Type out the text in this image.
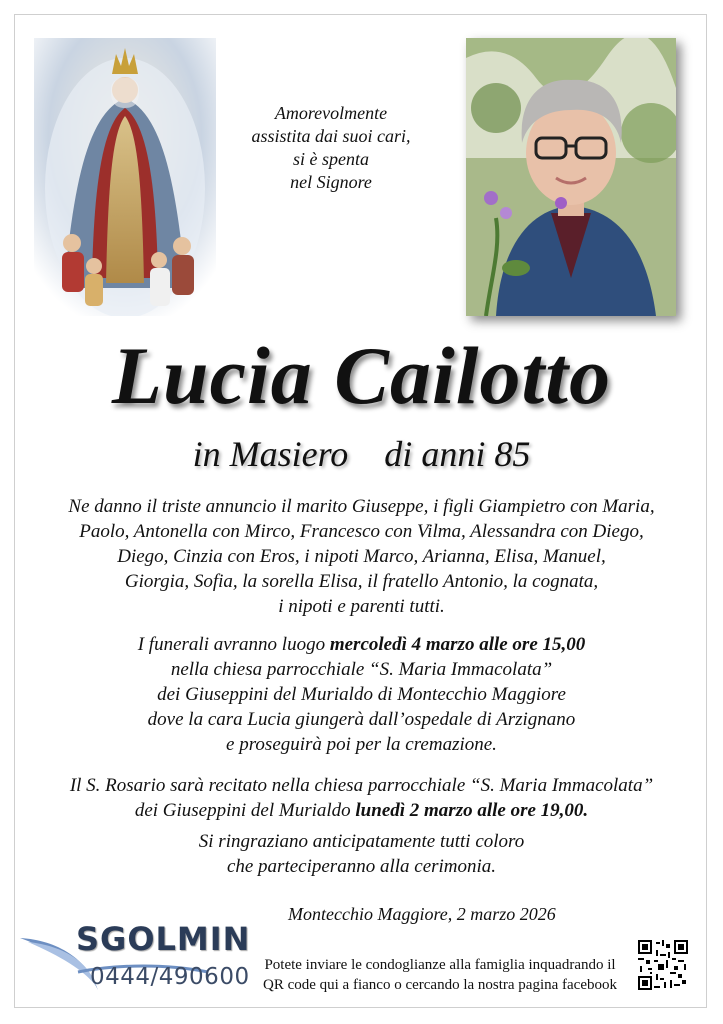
Amorevolmente
assistita dai suoi cari,
si è spenta
nel Signore
Lucia Cailotto
in Masiero    di anni 85
Ne danno il triste annuncio il marito Giuseppe, i figli Giampietro con Maria,
Paolo, Antonella con Mirco, Francesco con Vilma, Alessandra con Diego,
Diego, Cinzia con Eros, i nipoti Marco, Arianna, Elisa, Manuel,
Giorgia, Sofia, la sorella Elisa, il fratello Antonio, la cognata,
i nipoti e parenti tutti.
I funerali avranno luogo mercoledì 4 marzo alle ore 15,00
nella chiesa parrocchiale “S. Maria Immacolata”
dei Giuseppini del Murialdo di Montecchio Maggiore
dove la cara Lucia giungerà dall’ospedale di Arzignano
e proseguirà poi per la cremazione.
Il S. Rosario sarà recitato nella chiesa parrocchiale “S. Maria Immacolata”
dei Giuseppini del Murialdo lunedì 2 marzo alle ore 19,00.
Si ringraziano anticipatamente tutti coloro
che parteciperanno alla cerimonia.
Montecchio Maggiore, 2 marzo 2026
SGOLMIN
0444/490600 Potete inviare le condoglianze alla famiglia inquadrando il
QR code qui a fianco o cercando la nostra pagina facebook
